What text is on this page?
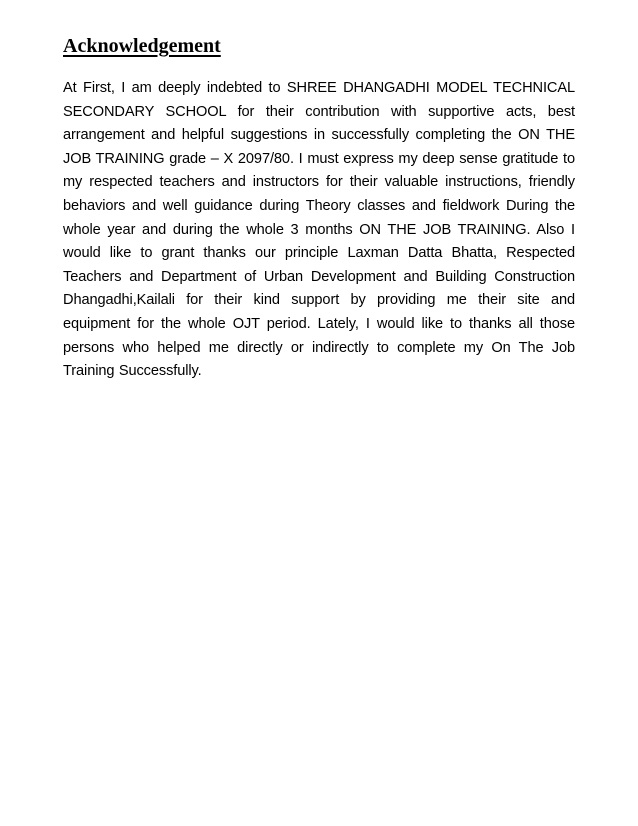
Acknowledgement

At First, I am deeply indebted to SHREE DHANGADHI MODEL TECHNICAL SECONDARY SCHOOL for their contribution with supportive acts, best arrangement and helpful suggestions in successfully completing the ON THE JOB TRAINING grade – X 2097/80. I must express my deep sense gratitude to my respected teachers and instructors for their valuable instructions, friendly behaviors and well guidance during Theory classes and fieldwork During the whole year and during the whole 3 months ON THE JOB TRAINING. Also I would like to grant thanks our principle Laxman Datta Bhatta, Respected Teachers and Department of Urban Development and Building Construction Dhangadhi,Kailali for their kind support by providing me their site and equipment for the whole OJT period. Lately, I would like to thanks all those persons who helped me directly or indirectly to complete my On The Job Training Successfully.
